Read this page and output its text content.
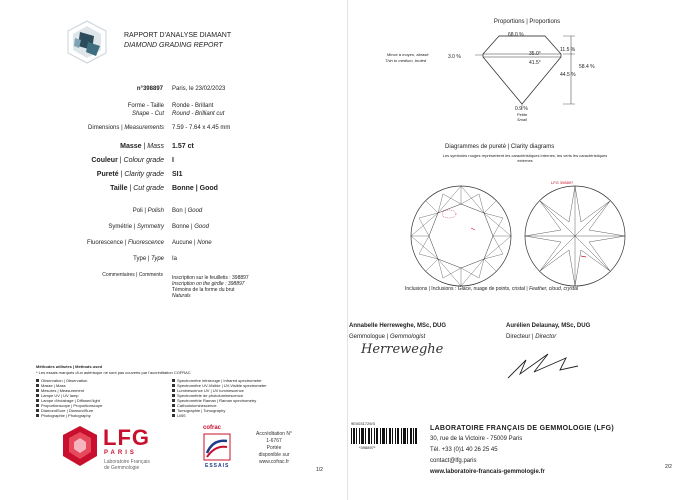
RAPPORT D'ANALYSE DIAMANT
DIAMOND GRADING REPORT
n°398897 Paris, le 23/02/2023
Forme - Taille Ronde - Brillant
Shape - Cut Round - Brilliant cut
Dimensions | Measurements 7.59 - 7.64 x 4.45 mm
Masse | Mass 1.57 ct
Couleur | Colour grade I
Pureté | Clarity grade SI1
Taille | Cut grade Bonne | Good
Poli | Polish Bon | Good
Symétrie | Symmetry Bonne | Good
Fluorescence | Fluorescence Aucune | None
Type | Type Ia
Commentaires | Comments Inscription sur le feuilletis : 398897
Inscription on the girdle : 398897
Témoins de la forme du brut
Naturals
Méthodes utilisées | Methods used
* Les essais marqués d'un astérisque ne sont pas couverts par l'accréditation COFRAC
Observation | Observation
Masse | Mass
Mesures | Measurement
Lampe UV | UV lamp
Lampe d'éclairage | Diffused light
Proportionscope | Proportionscope
DiamondSure | DiamondSure
Photographie | Photography
Spectromètre infrarouge | Infrared spectrometer
Spectromètre UV-Visible | UV-Visible spectrometer
Luminescence UV | UV luminescence
Spectrométrie de photoluminescence
Spectrométrie Raman | Raman spectrometry
Cathodoluminescence
Tomographie | Tomography
LIBS
LFG
PARIS
Laboratoire Français
de Gemmologie
cofrac
ESSAIS
Accréditation N°
1-6767
Portée
disponible sur
www.cofrac.fr
1/2
Proportions | Proportions
68.0 %
35.0°
11.5 %
41.5°
44.5 %
58.4 %
3.0 %
Mince à moyen, abrasé
Thin to medium, bruted
0.9 %
Petite
Small
Diagrammes de pureté | Clarity diagrams
Les symboles rouges représentent les caractéristiques internes, les verts les caractéristiques externes
LFG 398897
Inclusions | Inclusions : Glace, nuage de points, cristal | Feather, cloud, crystal
Annabelle Herreweghe, MSc, DUG
Gemmologue | Gemmologist
Herreweghe
Aurélien Delaunay, MSc, DUG
Directeur | Director
9E0031729/3
*398897*
LABORATOIRE FRANÇAIS DE GEMMOLOGIE (LFG)
30, rue de la Victoire - 75009 Paris
Tél. +33 (0)1 40 26 25 45
contact@lfg.paris
www.laboratoire-francais-gemmologie.fr
2/2
